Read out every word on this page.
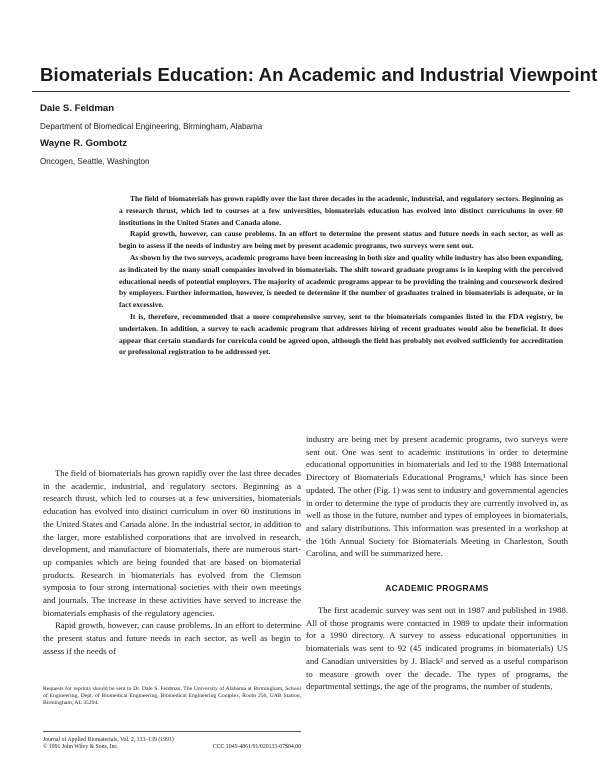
Biomaterials Education: An Academic and Industrial Viewpoint
Dale S. Feldman
Department of Biomedical Engineering, Birmingham, Alabama
Wayne R. Gombotz
Oncogen, Seattle, Washington

The field of biomaterials has grown rapidly over the last three decades in the academic, industrial, and regulatory sectors. Beginning as a research thrust, which led to courses at a few universities, biomaterials education has evolved into distinct curriculums in over 60 institutions in the United States and Canada alone.

Rapid growth, however, can cause problems. In an effort to determine the present status and future needs in each sector, as well as begin to assess if the needs of industry are being met by present academic programs, two surveys were sent out.

As shown by the two surveys, academic programs have been increasing in both size and quality while industry has also been expanding, as indicated by the many small companies involved in biomaterials. The shift toward graduate programs is in keeping with the perceived educational needs of potential employers. The majority of academic programs appear to be providing the training and coursework desired by employers. Further information, however, is needed to determine if the number of graduates trained in biomaterials is adequate, or in fact excessive.

It is, therefore, recommended that a more comprehensive survey, sent to the biomaterials companies listed in the FDA registry, be undertaken. In addition, a survey to each academic program that addresses hiring of recent graduates would also be beneficial. It does appear that certain standards for curricula could be agreed upon, although the field has probably not evolved sufficiently for accreditation or professional registration to be addressed yet.

The field of biomaterials has grown rapidly over the last three decades in the academic, industrial, and regulatory sectors. Beginning as a research thrust, which led to courses at a few universities, biomaterials education has evolved into distinct curriculum in over 60 institutions in the United States and Canada alone. In the industrial sector, in addition to the larger, more established corporations that are involved in research, development, and manufacture of biomaterials, there are numerous start-up companies which are being founded that are based on biomaterial products. Research in biomaterials has evolved from the Clemson symposia to four strong international societies with their own meetings and journals. The increase in these activities have served to increase the biomaterials emphasis of the regulatory agencies.

Rapid growth, however, can cause problems. In an effort to determine the present status and future needs in each sector, as well as begin to assess if the needs of

industry are being met by present academic programs, two surveys were sent out. One was sent to academic institutions in order to determine educational opportunities in biomaterials and led to the 1988 International Directory of Biomaterials Educational Programs,¹ which has since been updated. The other (Fig. 1) was sent to industry and governmental agencies in order to determine the type of products they are currently involved in, as well as those in the future, number and types of employees in biomaterials, and salary distributions. This information was presented in a workshop at the 16th Annual Society for Biomaterials Meeting in Charleston, South Carolina, and will be summarized here.

ACADEMIC PROGRAMS

The first academic survey was sent out in 1987 and published in 1988. All of those programs were contacted in 1989 to update their information for a 1990 directory. A survey to assess educational opportunities in biomaterials was sent to 92 (45 indicated programs in biomaterials) US and Canadian universities by J. Black² and served as a useful comparison to measure growth over the decade. The types of programs, the departmental settings, the age of the programs, the number of students,

Requests for reprints should be sent to Dr. Dale S. Feldman, The University of Alabama at Birmingham, School of Engineering, Dept. of Biomedical Engineering, Biomedical Engineering Complex, Room 256, UAB Station, Birmingham, AL 35294.
Journal of Applied Biomaterials, Vol. 2, 133–139 (1991)
© 1991 John Wiley & Sons, Inc.	CCC 1045-4861/91/020133-07$04.00
